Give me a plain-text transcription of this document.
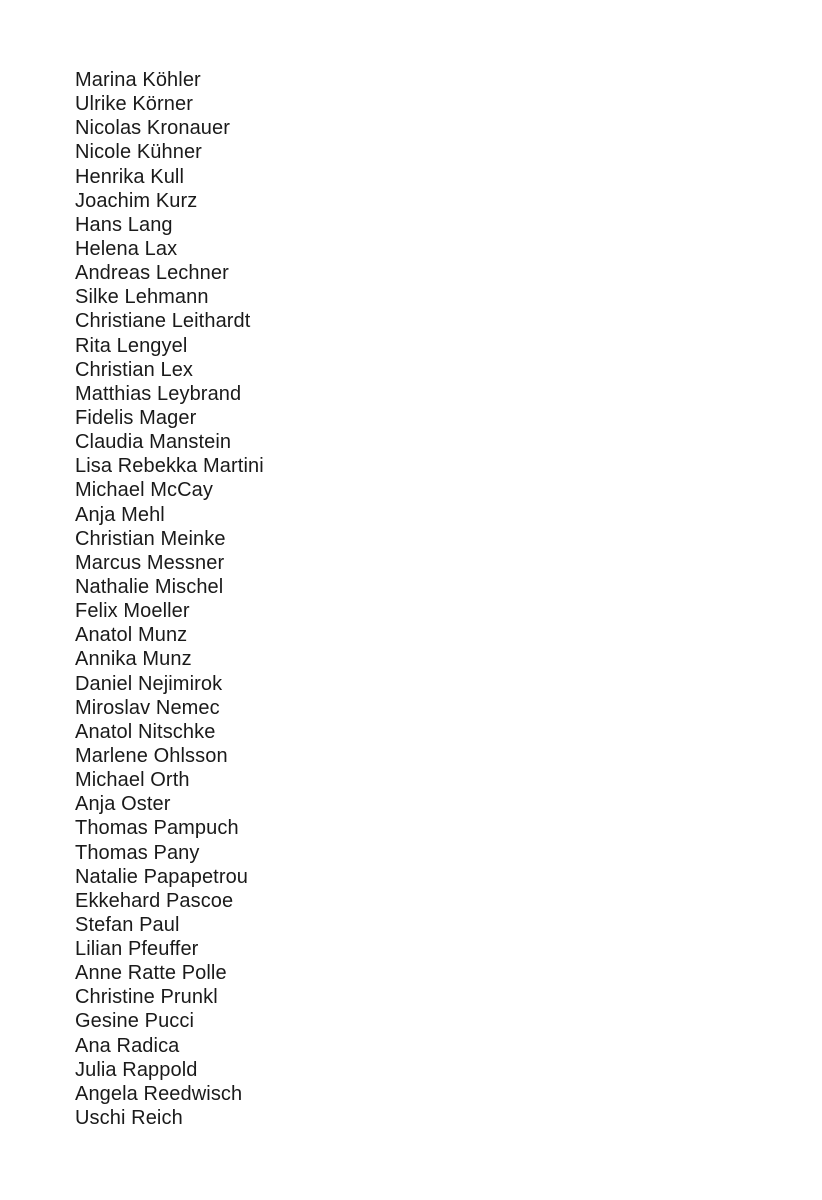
Marina Köhler
Ulrike Körner
Nicolas Kronauer
Nicole Kühner
Henrika Kull
Joachim Kurz
Hans Lang
Helena Lax
Andreas Lechner
Silke Lehmann
Christiane Leithardt
Rita Lengyel
Christian Lex
Matthias Leybrand
Fidelis Mager
Claudia Manstein
Lisa Rebekka Martini
Michael McCay
Anja Mehl
Christian Meinke
Marcus Messner
Nathalie Mischel
Felix Moeller
Anatol Munz
Annika Munz
Daniel Nejimirok
Miroslav Nemec
Anatol Nitschke
Marlene Ohlsson
Michael Orth
Anja Oster
Thomas Pampuch
Thomas Pany
Natalie Papapetrou
Ekkehard Pascoe
Stefan Paul
Lilian Pfeuffer
Anne Ratte Polle
Christine Prunkl
Gesine Pucci
Ana Radica
Julia Rappold
Angela Reedwisch
Uschi Reich
